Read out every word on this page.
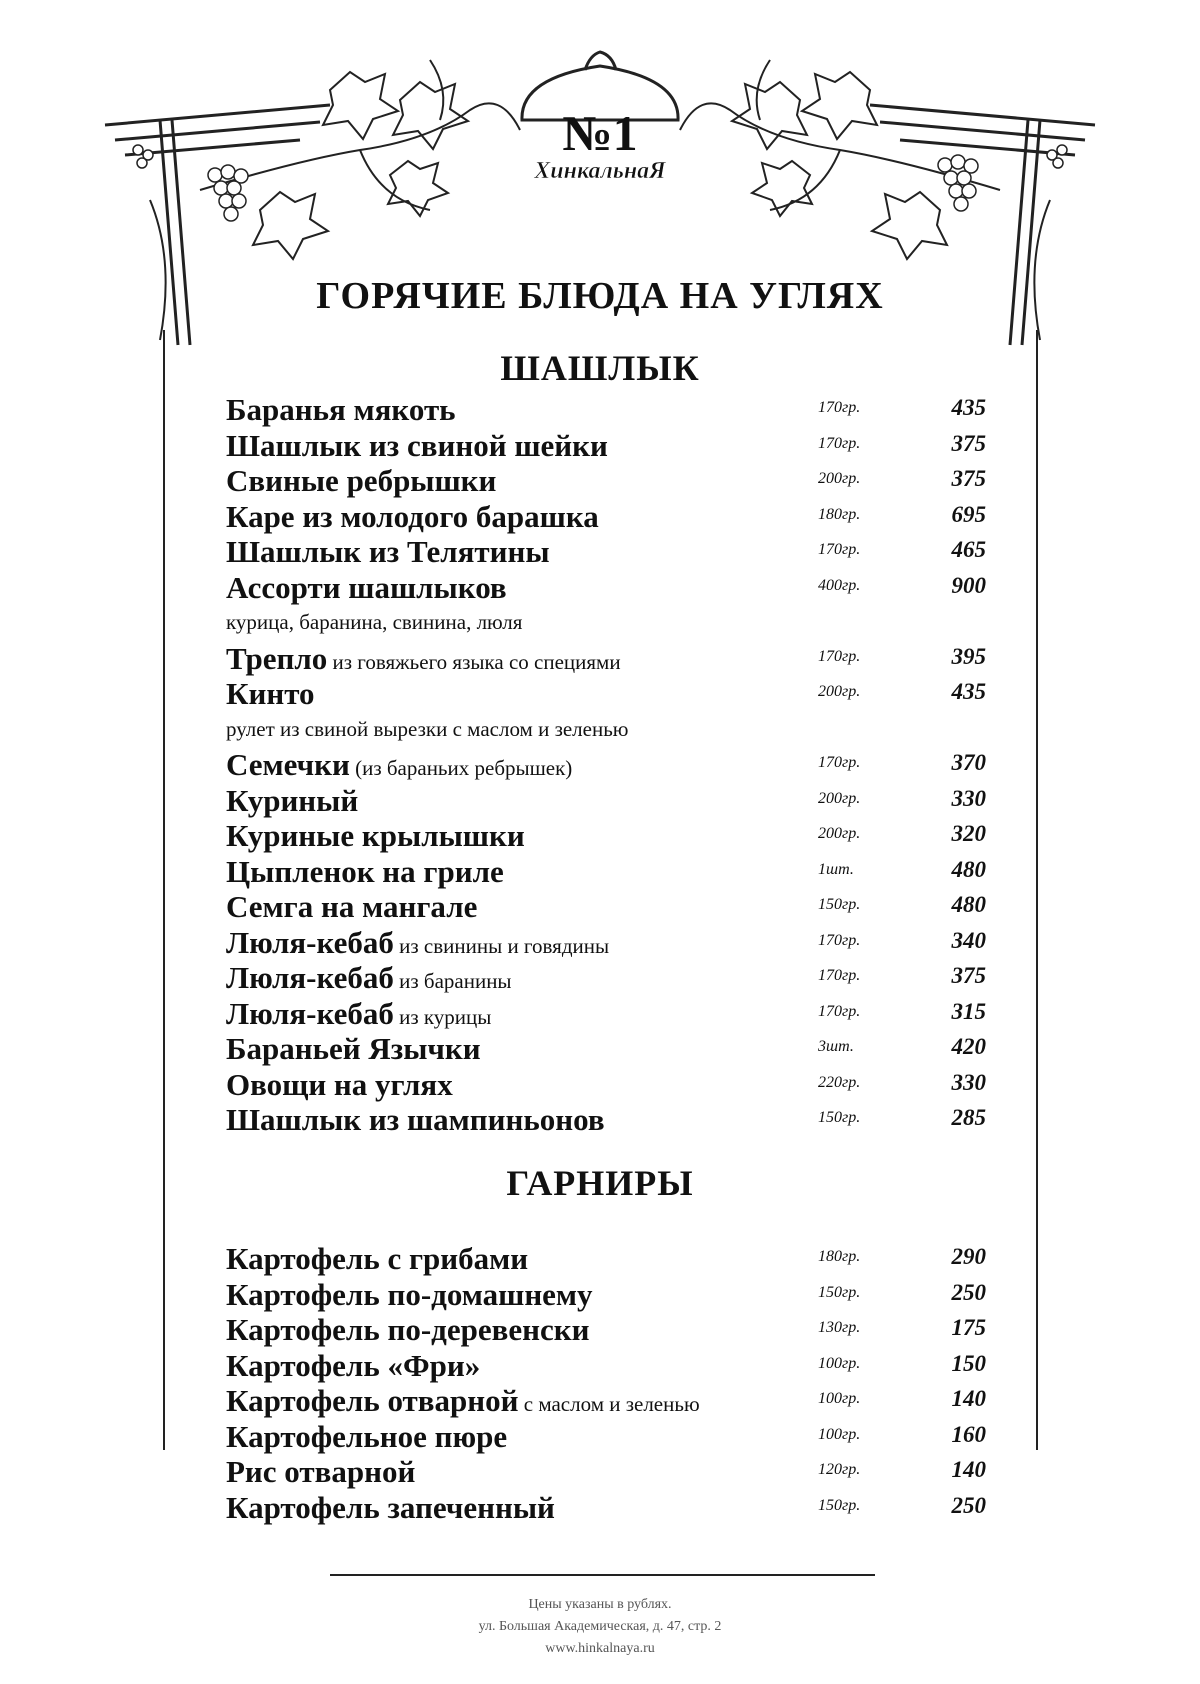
№1
ХинкальнаЯ
ГОРЯЧИЕ БЛЮДА НА УГЛЯХ
ШАШЛЫК
Баранья мякоть	170гр.	435
Шашлык из свиной шейки	170гр.	375
Свиные ребрышки	200гр.	375
Каре из молодого барашка	180гр.	695
Шашлык из Телятины	170гр.	465
Ассорти шашлыков	400гр.	900
курица, баранина, свинина, люля
Трепло из говяжьего языка со специями	170гр.	395
Кинто	200гр.	435
рулет из свиной вырезки с маслом и зеленью
Семечки (из бараньих ребрышек)	170гр.	370
Куриный	200гр.	330
Куриные крылышки	200гр.	320
Цыпленок на гриле	1шт.	480
Семга на мангале	150гр.	480
Люля-кебаб из свинины и говядины	170гр.	340
Люля-кебаб из баранины	170гр.	375
Люля-кебаб из курицы	170гр.	315
Бараньей Язычки	3шт.	420
Овощи на углях	220гр.	330
Шашлык из шампиньонов	150гр.	285
ГАРНИРЫ
Картофель с грибами	180гр.	290
Картофель по-домашнему	150гр.	250
Картофель по-деревенски	130гр.	175
Картофель «Фри»	100гр.	150
Картофель отварной с маслом и зеленью	100гр.	140
Картофельное пюре	100гр.	160
Рис отварной	120гр.	140
Картофель запеченный	150гр.	250
Цены указаны в рублях.
ул. Большая Академическая, д. 47, стр. 2
www.hinkalnaya.ru
